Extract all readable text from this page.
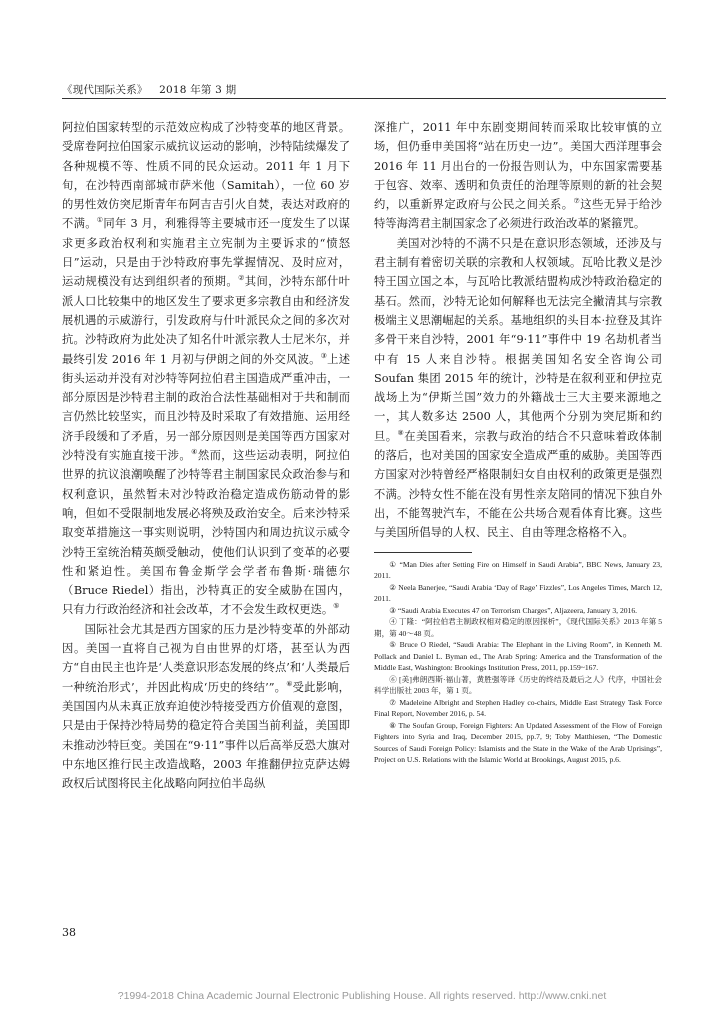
《现代国际关系》 2018 年第 3 期

阿拉伯国家转型的示范效应构成了沙特变革的地区背景。受席卷阿拉伯国家示威抗议运动的影响，沙特陆续爆发了各种规模不等、性质不同的民众运动。2011 年 1 月下旬，在沙特西南部城市萨米他（Samitah），一位 60 岁的男性效仿突尼斯青年布阿吉吉引火自焚，表达对政府的不满。①同年 3 月，利雅得等主要城市还一度发生了以谋求更多政治权利和实施君主立宪制为主要诉求的“愤怒日”运动，只是由于沙特政府事先掌握情况、及时应对，运动规模没有达到组织者的预期。②其间，沙特东部什叶派人口比较集中的地区发生了要求更多宗教自由和经济发展机遇的示威游行，引发政府与什叶派民众之间的多次对抗。沙特政府为此处决了知名什叶派宗教人士尼米尔，并最终引发 2016 年 1 月初与伊朗之间的外交风波。③上述街头运动并没有对沙特等阿拉伯君主国造成严重冲击，一部分原因是沙特君主制的政治合法性基础相对于共和制而言仍然比较坚实，而且沙特及时采取了有效措施、运用经济手段缓和了矛盾，另一部分原因则是美国等西方国家对沙特没有实施直接干涉。④然而，这些运动表明，阿拉伯世界的抗议浪潮唤醒了沙特等君主制国家民众政治参与和权利意识，虽然暂未对沙特政治稳定造成伤筋动骨的影响，但如不受限制地发展必将殃及政治安全。后来沙特采取变革措施这一事实则说明，沙特国内和周边抗议示威令沙特王室统治精英颇受触动，使他们认识到了变革的必要性和紧迫性。美国布鲁金斯学会学者布鲁斯·瑞德尔（Bruce Riedel）指出，沙特真正的安全威胁在国内，只有力行政治经济和社会改革，才不会发生政权更迭。⑤

国际社会尤其是西方国家的压力是沙特变革的外部动因。美国一直将自己视为自由世界的灯塔，甚至认为西方“自由民主也许是‘人类意识形态发展的终点’和‘人类最后一种统治形式’，并因此构成‘历史的终结’”。⑥受此影响，美国国内从未真正放弃迫使沙特接受西方价值观的意图，只是由于保持沙特局势的稳定符合美国当前利益，美国即未推动沙特巨变。美国在“9·11”事件以后高举反恐大旗对中东地区推行民主改造战略，2003 年推翻伊拉克萨达姆政权后试图将民主化战略向阿拉伯半岛纵

深推广，2011 年中东剧变期间转而采取比较审慎的立场，但仍垂申美国将“站在历史一边”。美国大西洋理事会 2016 年 11 月出台的一份报告则认为，中东国家需要基于包容、效率、透明和负责任的治理等原则的新的社会契约，以重新界定政府与公民之间关系。⑦这些无异于给沙特等海湾君主制国家念了必须进行政治改革的紧箍咒。

美国对沙特的不满不只是在意识形态领域，还涉及与君主制有着密切关联的宗教和人权领域。瓦哈比教义是沙特王国立国之本，与瓦哈比教派结盟构成沙特政治稳定的基石。然而，沙特无论如何解释也无法完全撇清其与宗教极端主义思潮崛起的关系。基地组织的头目本·拉登及其许多骨干来自沙特，2001 年“9·11”事件中 19 名劫机者当中有 15 人来自沙特。根据美国知名安全咨询公司 Soufan 集团 2015 年的统计，沙特是在叙利亚和伊拉克战场上为“伊斯兰国”效力的外籍战士三大主要来源地之一，其人数多达 2500 人，其他两个分别为突尼斯和约旦。⑧在美国看来，宗教与政治的结合不只意味着政体制的落后，也对美国的国家安全造成严重的威胁。美国等西方国家对沙特曾经严格限制妇女自由权利的政策更是强烈不满。沙特女性不能在没有男性亲友陪同的情况下独自外出，不能驾驶汽车，不能在公共场合观看体育比赛。这些与美国所倡导的人权、民主、自由等理念格格不入。

① “Man Dies after Setting Fire on Himself in Saudi Arabia”, BBC News, January 23, 2011.

② Neela Banerjee, “Saudi Arabia ‘Day of Rage’ Fizzles”, Los Angeles Times, March 12, 2011.

③ “Saudi Arabia Executes 47 on Terrorism Charges”, Aljazeera, January 3, 2016.

④ 丁隆：“阿拉伯君主制政权相对稳定的原因探析”，《现代国际关系》2013 年第 5 期，第 40～48 页。

⑤ Bruce O Riedel, “Saudi Arabia: The Elephant in the Living Room”, in Kenneth M. Pollack and Daniel L. Byman ed., The Arab Spring: America and the Transformation of the Middle East, Washington: Brookings Institution Press, 2011, pp.159~167.

⑥ [美]弗朗西斯·福山著，黄胜强等译《历史的终结及最后之人》代序，中国社会科学出版社 2003 年，第 1 页。

⑦ Madeleine Albright and Stephen Hadley co-chairs, Middle East Strategy Task Force Final Report, November 2016, p. 54.

⑧ The Soufan Group, Foreign Fighters: An Updated Assessment of the Flow of Foreign Fighters into Syria and Iraq, December 2015, pp.7, 9; Toby Matthiesen, “The Domestic Sources of Saudi Foreign Policy: Islamists and the State in the Wake of the Arab Uprisings”, Project on U.S. Relations with the Islamic World at Brookings, August 2015, p.6.

38
?1994-2018 China Academic Journal Electronic Publishing House. All rights reserved. http://www.cnki.net
